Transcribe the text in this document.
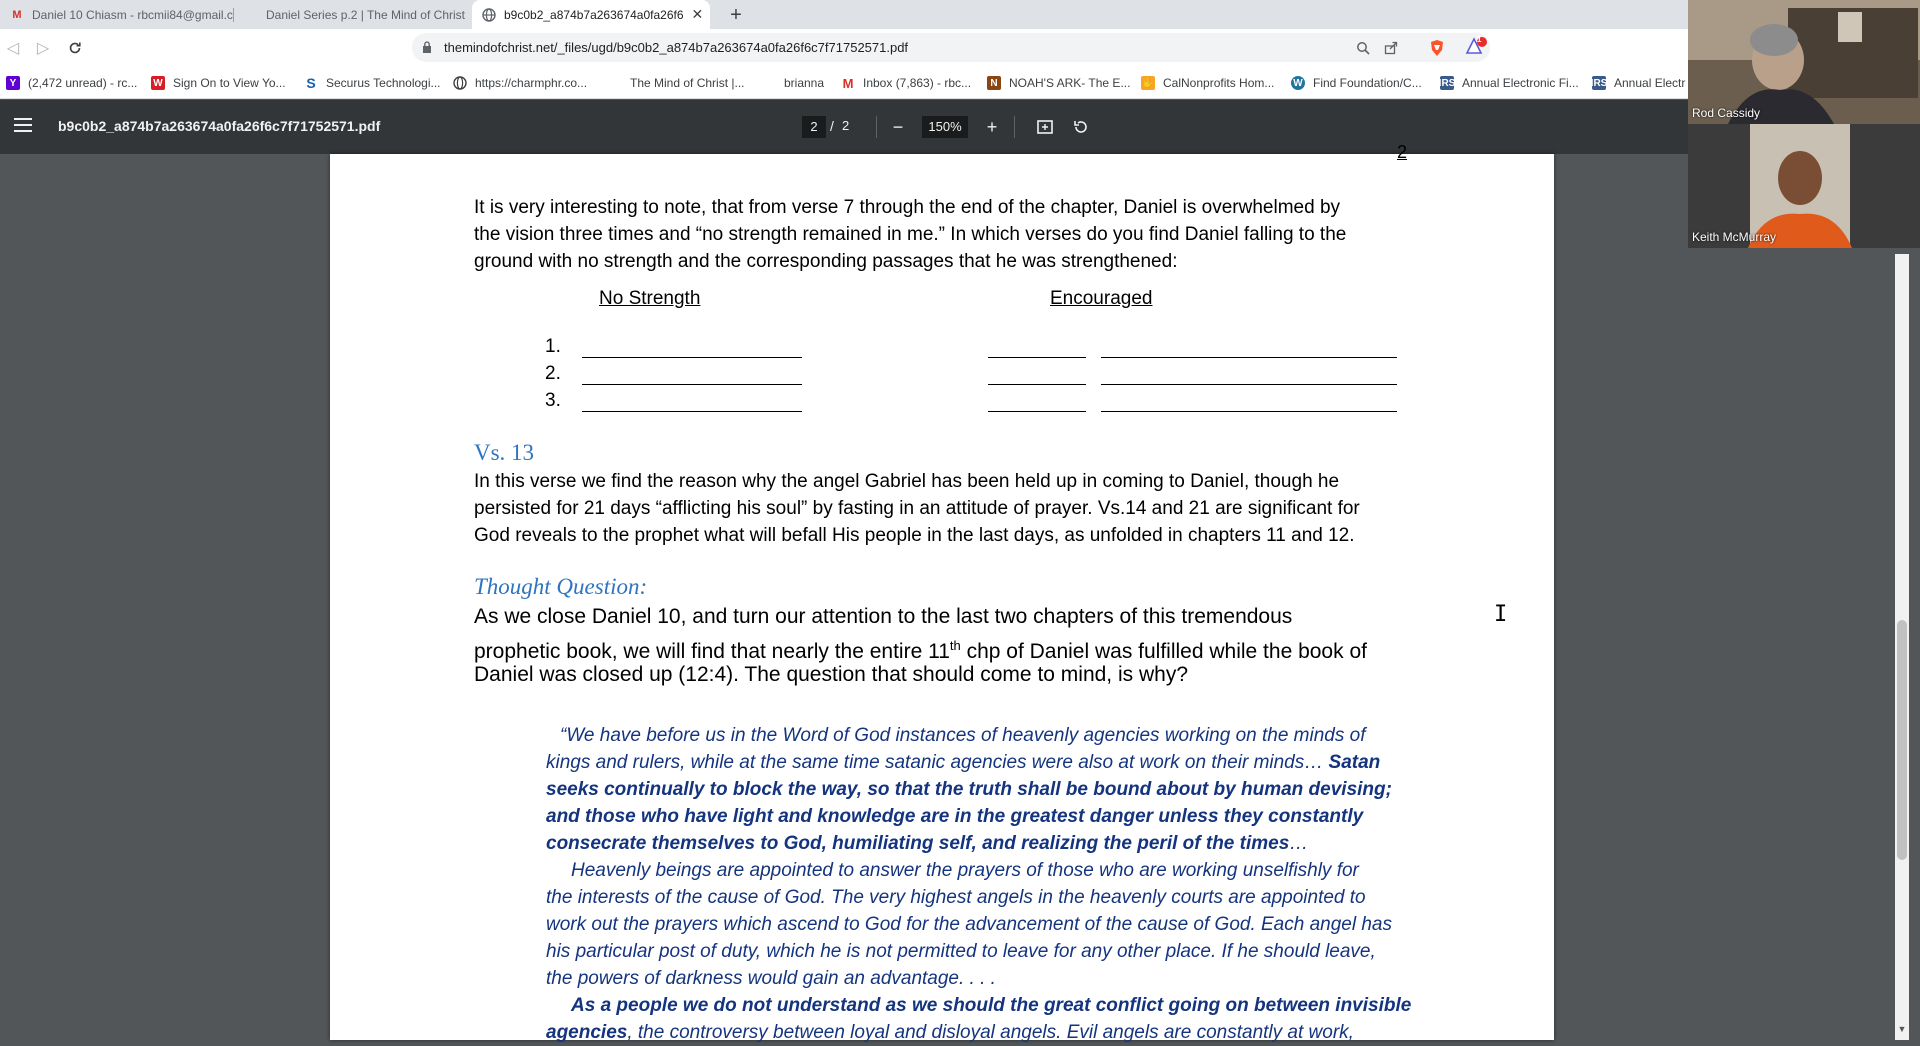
M Daniel 10 Chiasm - rbcmii84@gmail.c	Daniel Series p.2 | The Mind of Christ	b9c0b2_a874b7a263674a0fa26f6 ✕	+
◁	▷	themindofchrist.net/_files/ugd/b9c0b2_a874b7a263674a0fa26f6c7f71752571.pdf
1
Y (2,472 unread) - rc... W Sign On to View Yo... S Securus Technologi...	https://charmphr.co...	The Mind of Christ |...	brianna M Inbox (7,863) - rbc...	N NOAH'S ARK- The E... ✋ CalNonprofits Hom... W Find Foundation/C... IRS Annual Electronic Fi... IRS Annual Electr
b9c0b2_a874b7a263674a0fa26f6c7f71752571.pdf	2 / 2	−	150%	+
2
It is very interesting to note, that from verse 7 through the end of the chapter, Daniel is overwhelmed by
the vision three times and “no strength remained in me.” In which verses do you find Daniel falling to the
ground with no strength and the corresponding passages that he was strengthened:
No Strength	Encouraged
1.
2.
3.
Vs. 13
In this verse we find the reason why the angel Gabriel has been held up in coming to Daniel, though he
persisted for 21 days “afflicting his soul” by fasting in an attitude of prayer. Vs.14 and 21 are significant for
God reveals to the prophet what will befall His people in the last days, as unfolded in chapters 11 and 12.
Thought Question:
As we close Daniel 10, and turn our attention to the last two chapters of this tremendous
prophetic book, we will find that nearly the entire 11th chp of Daniel was fulfilled while the book of
Daniel was closed up (12:4). The question that should come to mind, is why?
“We have before us in the Word of God instances of heavenly agencies working on the minds of
kings and rulers, while at the same time satanic agencies were also at work on their minds… Satan
seeks continually to block the way, so that the truth shall be bound about by human devising;
and those who have light and knowledge are in the greatest danger unless they constantly
consecrate themselves to God, humiliating self, and realizing the peril of the times…
Heavenly beings are appointed to answer the prayers of those who are working unselfishly for
the interests of the cause of God. The very highest angels in the heavenly courts are appointed to
work out the prayers which ascend to God for the advancement of the cause of God. Each angel has
his particular post of duty, which he is not permitted to leave for any other place. If he should leave,
the powers of darkness would gain an advantage. . . .
As a people we do not understand as we should the great conflict going on between invisible
agencies, the controversy between loyal and disloyal angels. Evil angels are constantly at work,
I
▼
Rod Cassidy
Keith McMurray
